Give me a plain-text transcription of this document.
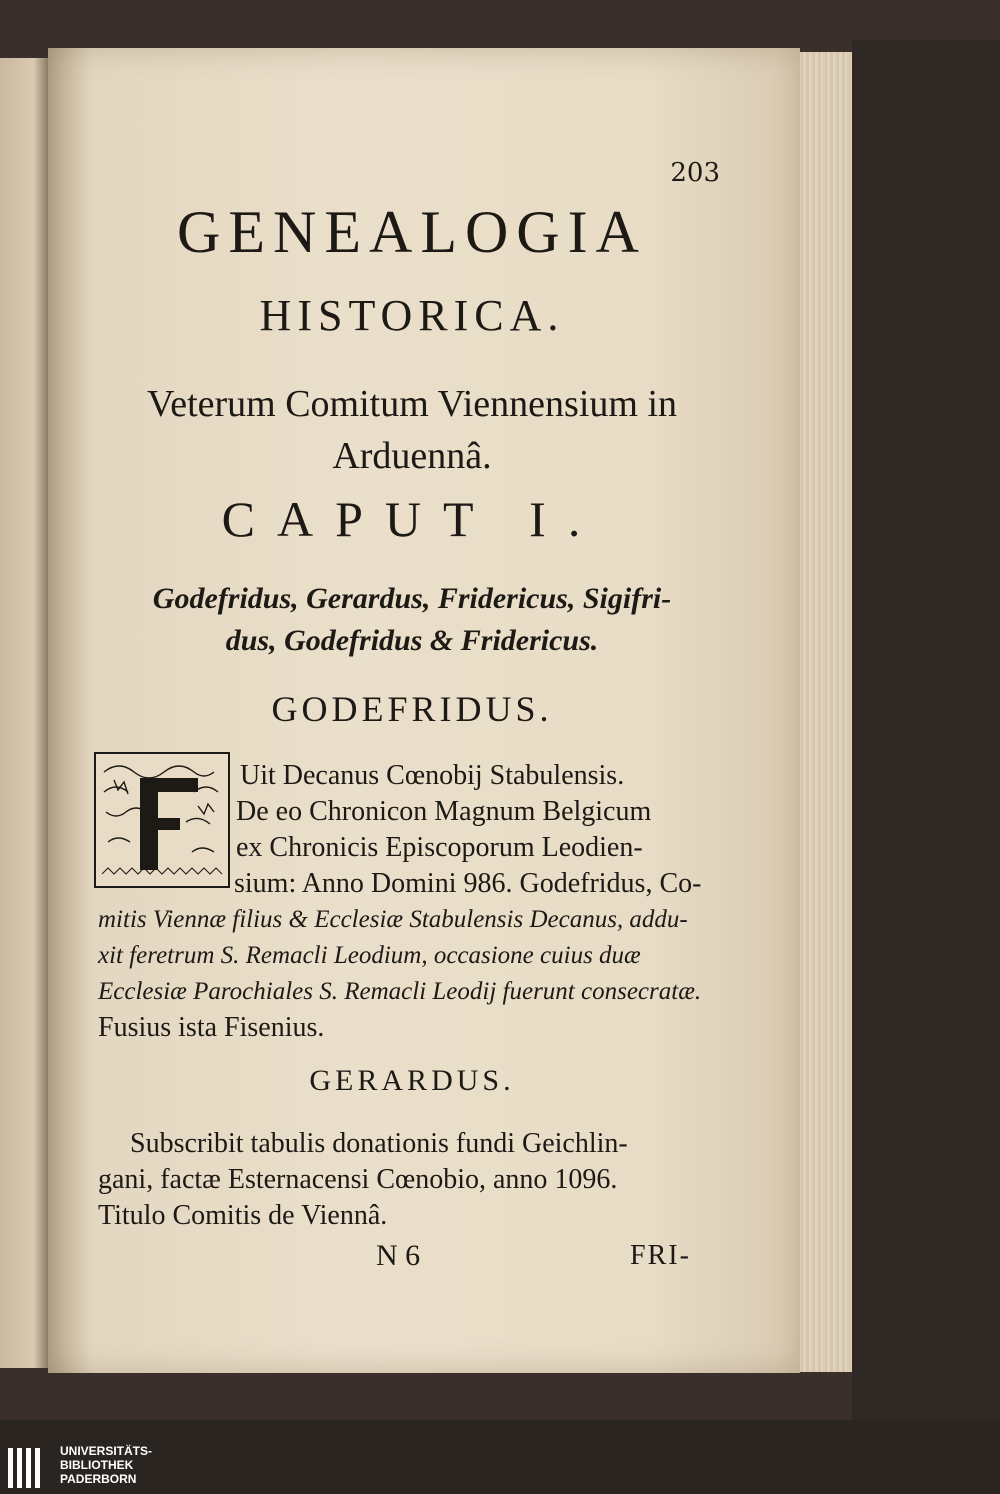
203
GENEALOGIA
HISTORICA.
Veterum Comitum Viennensium in
Arduennâ.
CAPUT I.
Godefridus, Gerardus, Fridericus, Sigifri-
dus, Godefridus & Fridericus.
GODEFRIDUS.
Uit Decanus Cœnobij Stabulensis.
De eo Chronicon Magnum Belgicum
ex Chronicis Episcoporum Leodien-
sium: Anno Domini 986. Godefridus, Co-
mitis Viennæ filius & Ecclesiæ Stabulensis Decanus, addu-
xit feretrum S. Remacli Leodium, occasione cuius duæ
Ecclesiæ Parochiales S. Remacli Leodij fuerunt consecratæ.
Fusius ista Fisenius.
GERARDUS.
Subscribit tabulis donationis fundi Geichlin-
gani, factæ Esternacensi Cœnobio, anno 1096.
Titulo Comitis de Viennâ.
N 6	FRI-
UNIVERSITÄTS-
BIBLIOTHEK
PADERBORN
